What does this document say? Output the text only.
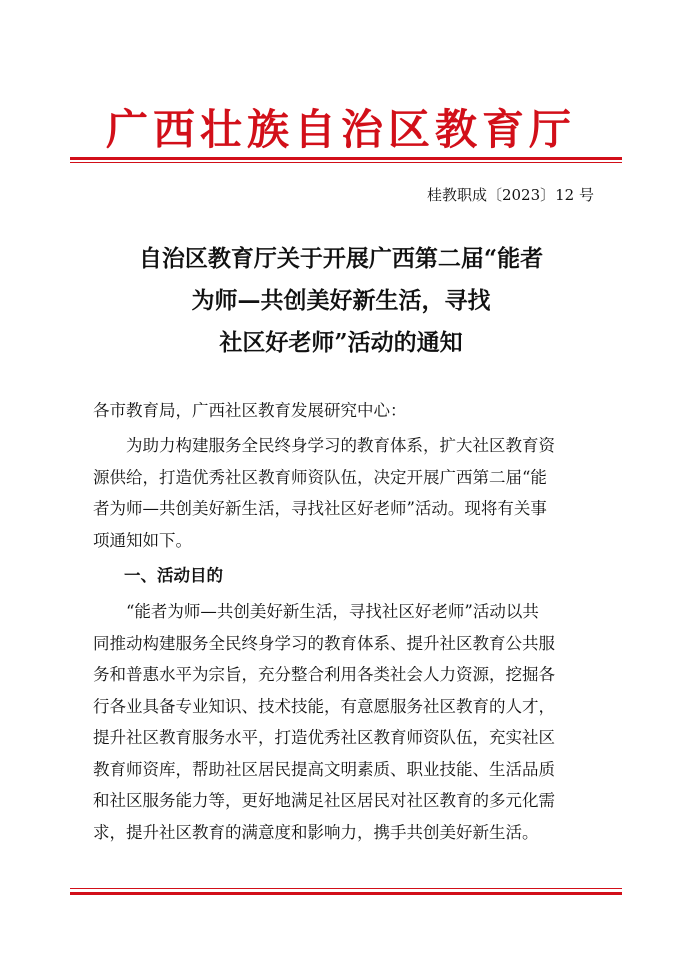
广西壮族自治区教育厅
桂教职成〔2023〕12 号
自治区教育厅关于开展广西第二届“能者
为师—共创美好新生活，寻找
社区好老师”活动的通知
各市教育局，广西社区教育发展研究中心：
　　为助力构建服务全民终身学习的教育体系，扩大社区教育资
源供给，打造优秀社区教育师资队伍，决定开展广西第二届“能
者为师—共创美好新生活，寻找社区好老师”活动。现将有关事
项通知如下。
一、活动目的
　　“能者为师—共创美好新生活，寻找社区好老师”活动以共
同推动构建服务全民终身学习的教育体系、提升社区教育公共服
务和普惠水平为宗旨，充分整合利用各类社会人力资源，挖掘各
行各业具备专业知识、技术技能，有意愿服务社区教育的人才，
提升社区教育服务水平，打造优秀社区教育师资队伍，充实社区
教育师资库，帮助社区居民提高文明素质、职业技能、生活品质
和社区服务能力等，更好地满足社区居民对社区教育的多元化需
求，提升社区教育的满意度和影响力，携手共创美好新生活。
